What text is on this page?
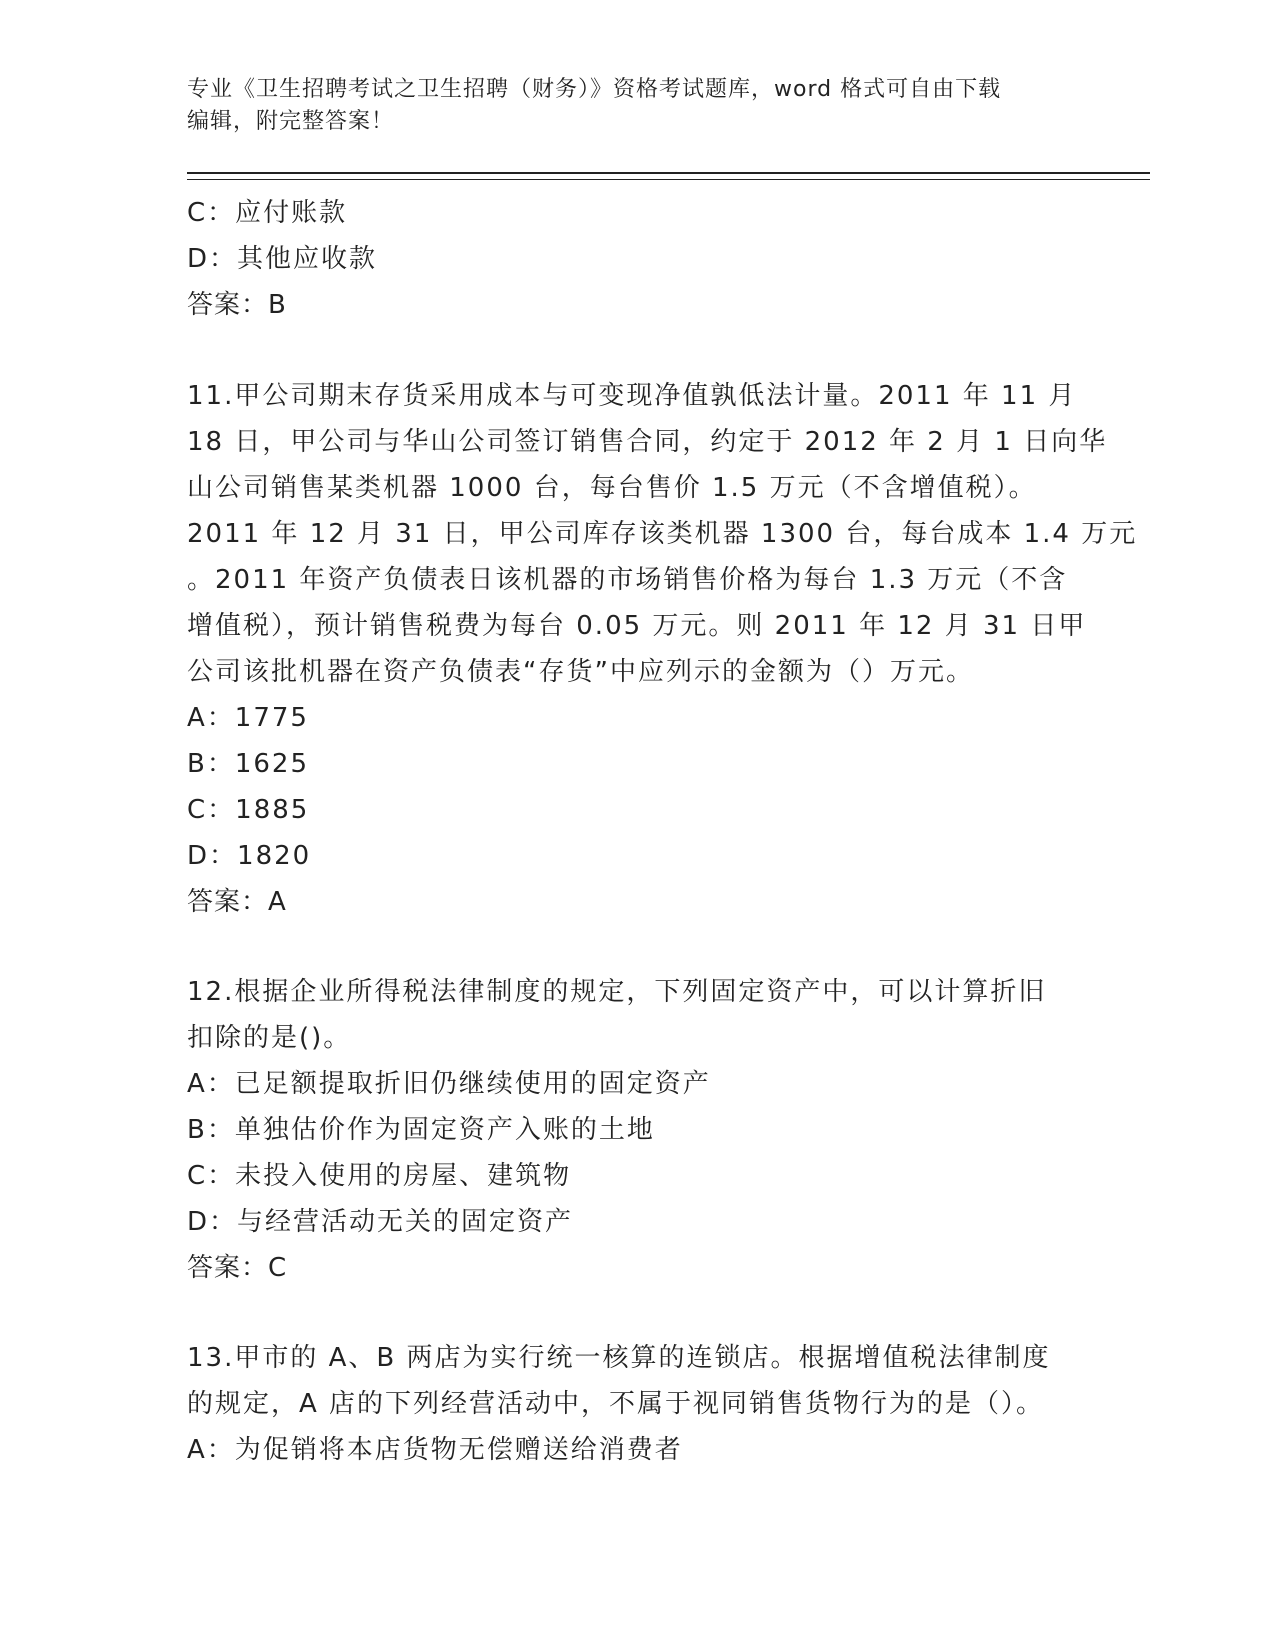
专业《卫生招聘考试之卫生招聘（财务）》资格考试题库，word 格式可自由下载

编辑，附完整答案！

C：应付账款
D：其他应收款
答案：B
11.甲公司期末存货采用成本与可变现净值孰低法计量。2011 年 11 月
18 日，甲公司与华山公司签订销售合同，约定于 2012 年 2 月 1 日向华
山公司销售某类机器 1000 台，每台售价 1.5 万元（不含增值税）。
2011 年 12 月 31 日，甲公司库存该类机器 1300 台，每台成本 1.4 万元
。2011 年资产负债表日该机器的市场销售价格为每台 1.3 万元（不含
增值税），预计销售税费为每台 0.05 万元。则 2011 年 12 月 31 日甲
公司该批机器在资产负债表“存货”中应列示的金额为（）万元。
A：1775
B：1625
C：1885
D：1820
答案：A
12.根据企业所得税法律制度的规定，下列固定资产中，可以计算折旧
扣除的是()。
A：已足额提取折旧仍继续使用的固定资产
B：单独估价作为固定资产入账的土地
C：未投入使用的房屋、建筑物
D：与经营活动无关的固定资产
答案：C
13.甲市的 A、B 两店为实行统一核算的连锁店。根据增值税法律制度
的规定，A 店的下列经营活动中，不属于视同销售货物行为的是（）。
A：为促销将本店货物无偿赠送给消费者
